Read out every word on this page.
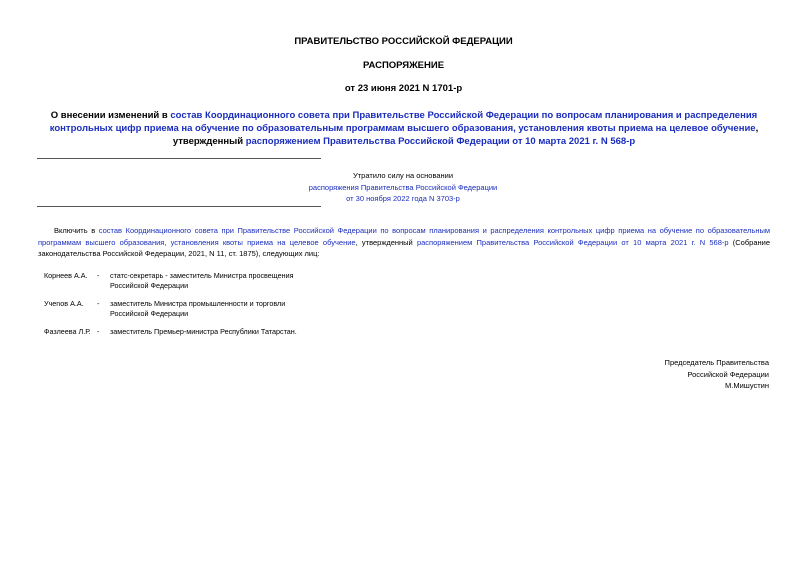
ПРАВИТЕЛЬСТВО РОССИЙСКОЙ ФЕДЕРАЦИИ
РАСПОРЯЖЕНИЕ
от 23 июня 2021 N 1701-р
О внесении изменений в состав Координационного совета при Правительстве Российской Федерации по вопросам планирования и распределения контрольных цифр приема на обучение по образовательным программам высшего образования, установления квоты приема на целевое обучение, утвержденный распоряжением Правительства Российской Федерации от 10 марта 2021 г. N 568-р
Утратило силу на основании
распоряжения Правительства Российской Федерации
от 30 ноября 2022 года N 3703-р
Включить в состав Координационного совета при Правительстве Российской Федерации по вопросам планирования и распределения контрольных цифр приема на обучение по образовательным программам высшего образования, установления квоты приема на целевое обучение, утвержденный распоряжением Правительства Российской Федерации от 10 марта 2021 г. N 568-р (Собрание законодательства Российской Федерации, 2021, N 11, ст. 1875), следующих лиц:
Корнеев А.А. - статс-секретарь - заместитель Министра просвещения
Российской Федерации
Учеnов А.А. - заместитель Министра промышленности и торговли
Российской Федерации
Фазлеева Л.Р. - заместитель Премьер-министра Республики Татарстан.
Председатель Правительства
Российской Федерации
М.Мишустин
